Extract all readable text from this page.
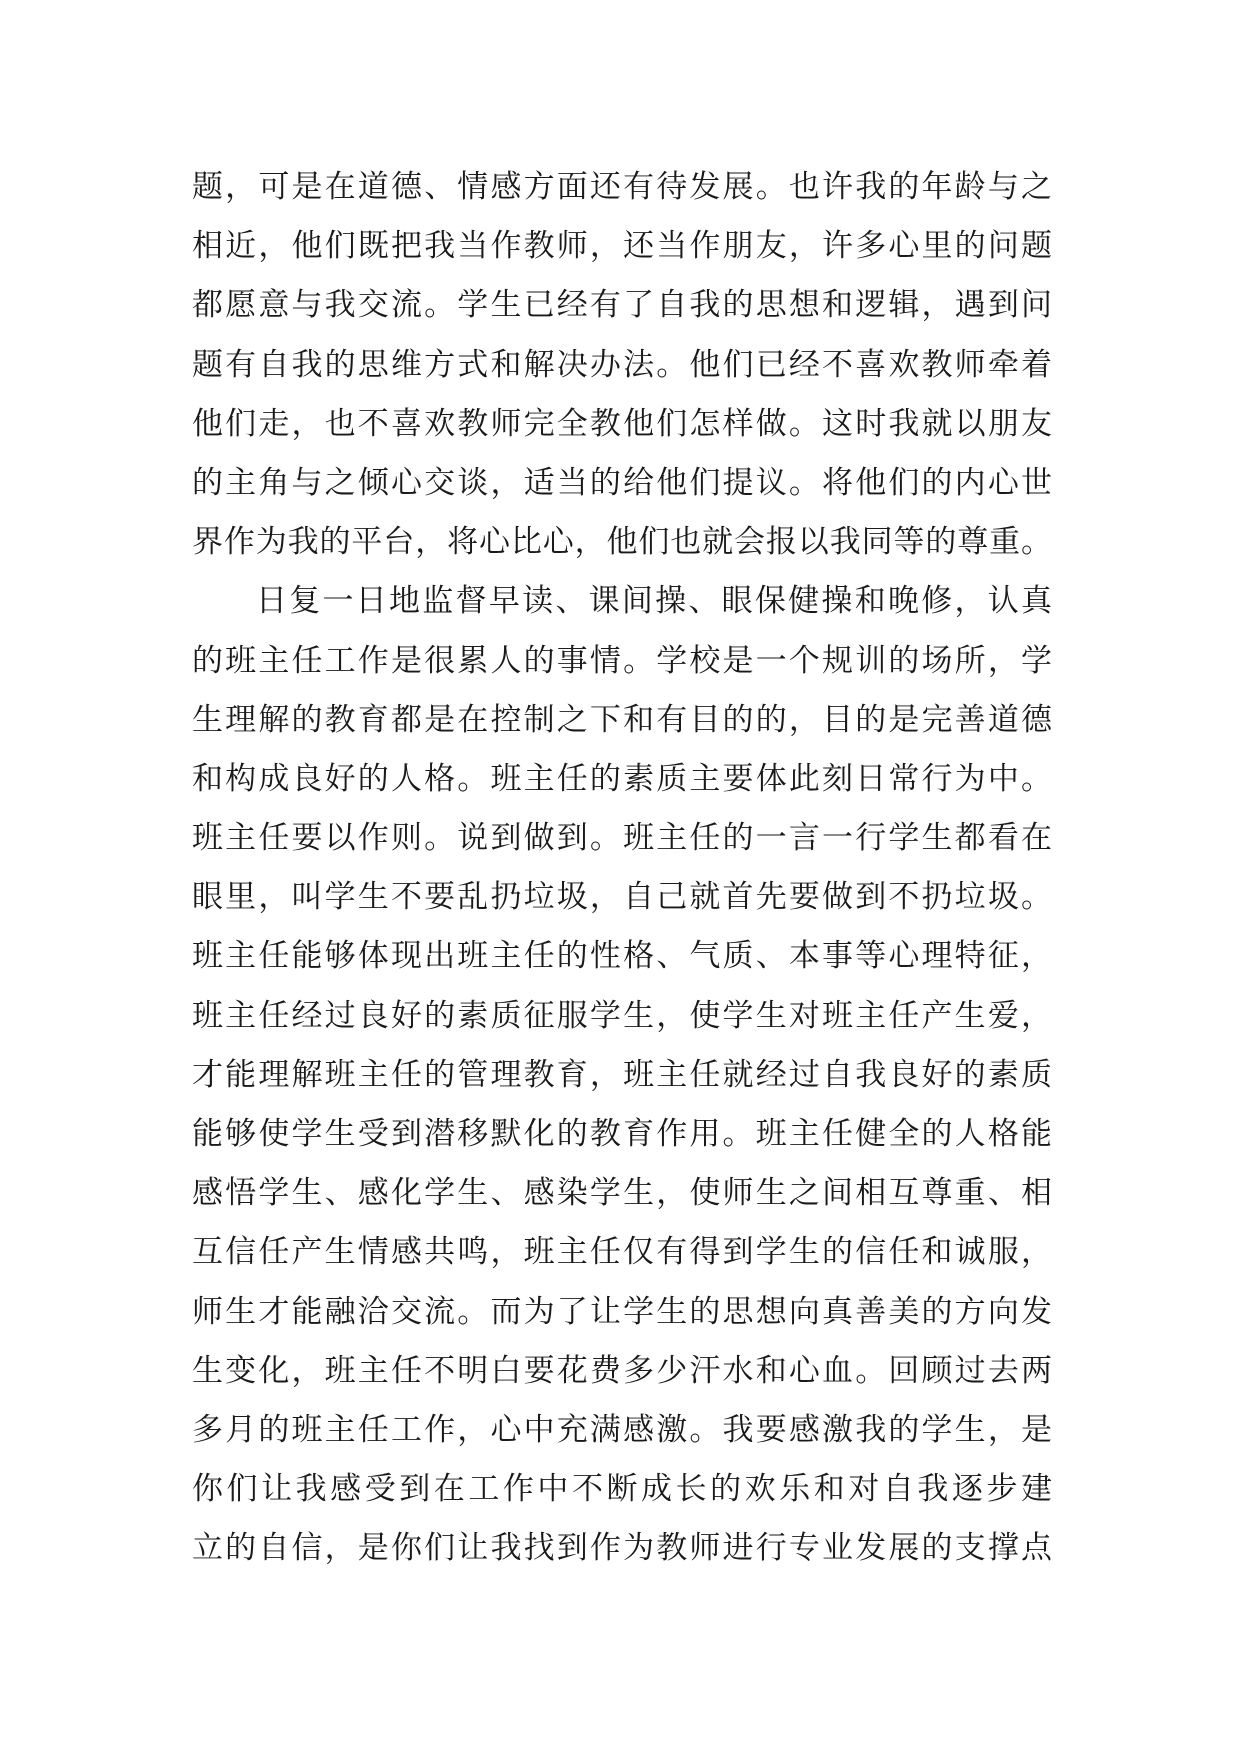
题，可是在道德、情感方面还有待发展。也许我的年龄与之
相近，他们既把我当作教师，还当作朋友，许多心里的问题
都愿意与我交流。学生已经有了自我的思想和逻辑，遇到问
题有自我的思维方式和解决办法。他们已经不喜欢教师牵着
他们走，也不喜欢教师完全教他们怎样做。这时我就以朋友
的主角与之倾心交谈，适当的给他们提议。将他们的内心世
界作为我的平台，将心比心，他们也就会报以我同等的尊重。
日复一日地监督早读、课间操、眼保健操和晚修，认真
的班主任工作是很累人的事情。学校是一个规训的场所，学
生理解的教育都是在控制之下和有目的的，目的是完善道德
和构成良好的人格。班主任的素质主要体此刻日常行为中。
班主任要以作则。说到做到。班主任的一言一行学生都看在
眼里，叫学生不要乱扔垃圾，自己就首先要做到不扔垃圾。
班主任能够体现出班主任的性格、气质、本事等心理特征，
班主任经过良好的素质征服学生，使学生对班主任产生爱，
才能理解班主任的管理教育，班主任就经过自我良好的素质
能够使学生受到潜移默化的教育作用。班主任健全的人格能
感悟学生、感化学生、感染学生，使师生之间相互尊重、相
互信任产生情感共鸣，班主任仅有得到学生的信任和诚服，
师生才能融洽交流。而为了让学生的思想向真善美的方向发
生变化，班主任不明白要花费多少汗水和心血。回顾过去两
多月的班主任工作，心中充满感激。我要感激我的学生，是
你们让我感受到在工作中不断成长的欢乐和对自我逐步建
立的自信，是你们让我找到作为教师进行专业发展的支撑点
